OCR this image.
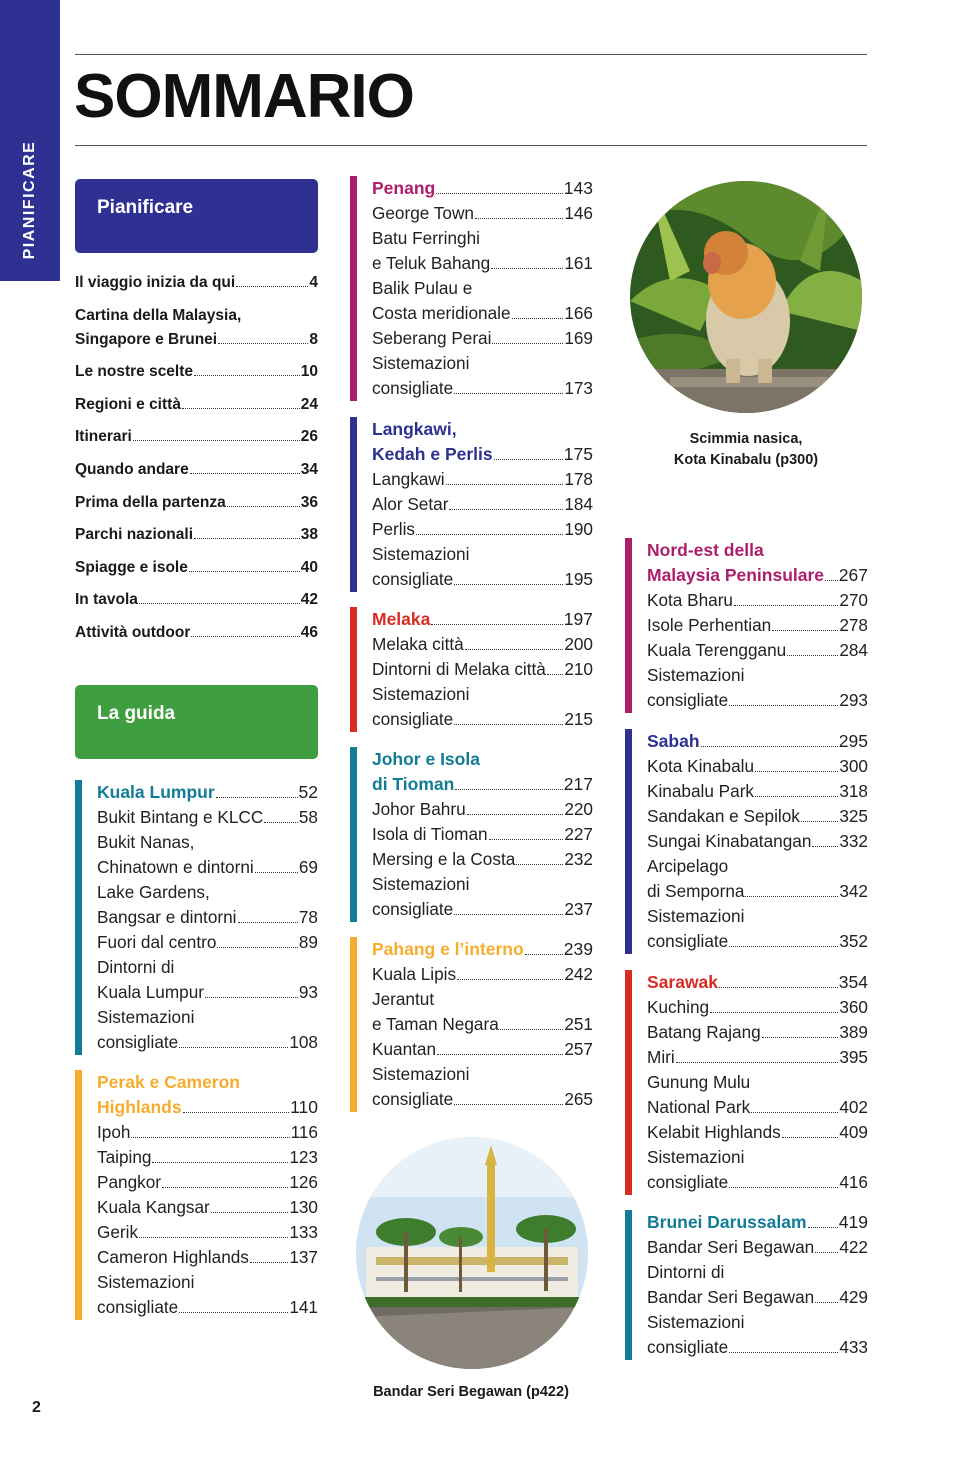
PIANIFICARE
SOMMARIO
Pianificare
Il viaggio inizia da qui	4
Cartina della Malaysia,
Singapore e Brunei	8
Le nostre scelte	10
Regioni e città	24
Itinerari	26
Quando andare	34
Prima della partenza	36
Parchi nazionali	38
Spiagge e isole	40
In tavola	42
Attività outdoor	46
La guida
Kuala Lumpur	52
Bukit Bintang e KLCC 58
Bukit Nanas,
Chinatown e dintorni	69
Lake Gardens,
Bangsar e dintorni	78
Fuori dal centro	89
Dintorni di
Kuala Lumpur	93
Sistemazioni
consigliate	108
Perak e Cameron
Highlands	110
Ipoh	116
Taiping	123
Pangkor	126
Kuala Kangsar	130
Gerik	133
Cameron Highlands 137
Sistemazioni
consigliate	141
Penang	143
George Town	146
Batu Ferringhi
e Teluk Bahang	161
Balik Pulau e
Costa meridionale	166
Seberang Perai	169
Sistemazioni
consigliate	173
Langkawi,
Kedah e Perlis	175
Langkawi	178
Alor Setar	184
Perlis	190
Sistemazioni
consigliate	195
Melaka	197
Melaka città	200
Dintorni di Melaka città 210
Sistemazioni
consigliate	215
Johor e Isola
di Tioman	217
Johor Bahru	220
Isola di Tioman	227
Mersing e la Costa	232
Sistemazioni
consigliate	237
Pahang e l’interno 239
Kuala Lipis	242
Jerantut
e Taman Negara	251
Kuantan	257
Sistemazioni
consigliate	265
Nord-est della
Malaysia Peninsulare 267
Kota Bharu	270
Isole Perhentian	278
Kuala Terengganu	284
Sistemazioni
consigliate	293
Sabah	295
Kota Kinabalu	300
Kinabalu Park	318
Sandakan e Sepilok 325
Sungai Kinabatangan 332
Arcipelago
di Semporna	342
Sistemazioni
consigliate	352
Sarawak	354
Kuching	360
Batang Rajang	389
Miri	395
Gunung Mulu
National Park	402
Kelabit Highlands	409
Sistemazioni
consigliate	416
Brunei Darussalam 419
Bandar Seri Begawan 422
Dintorni di
Bandar Seri Begawan 429
Sistemazioni
consigliate	433
Scimmia nasica,
Kota Kinabalu (p300)
Bandar Seri Begawan (p422)
2
